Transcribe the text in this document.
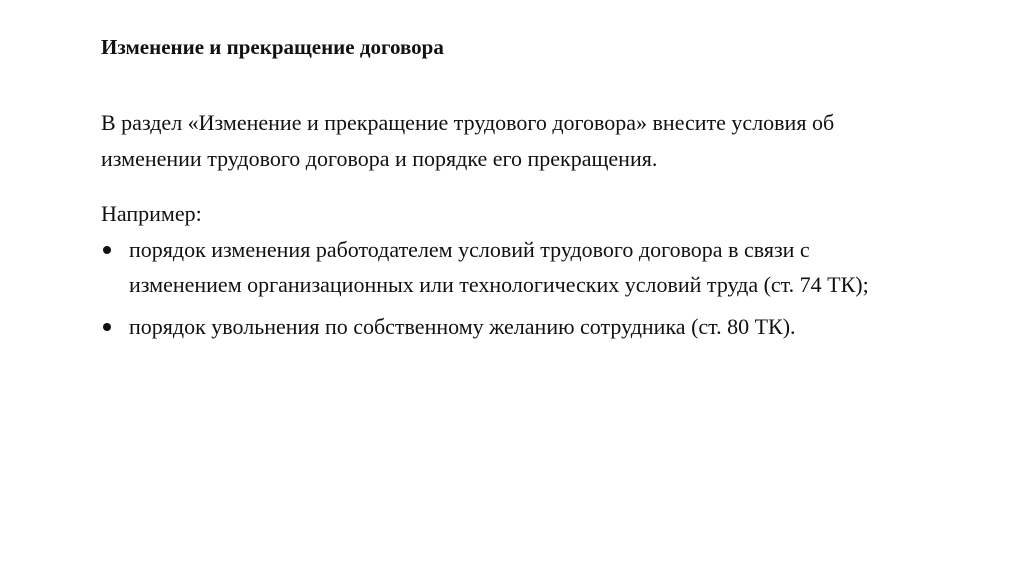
Изменение и прекращение договора

В раздел «Изменение и прекращение трудового договора» внесите условия об изменении трудового договора и порядке его прекращения.

Например:

порядок изменения работодателем условий трудового договора в связи с изменением организационных или технологических условий труда (ст. 74 ТК);
порядок увольнения по собственному желанию сотрудника (ст. 80 ТК).
